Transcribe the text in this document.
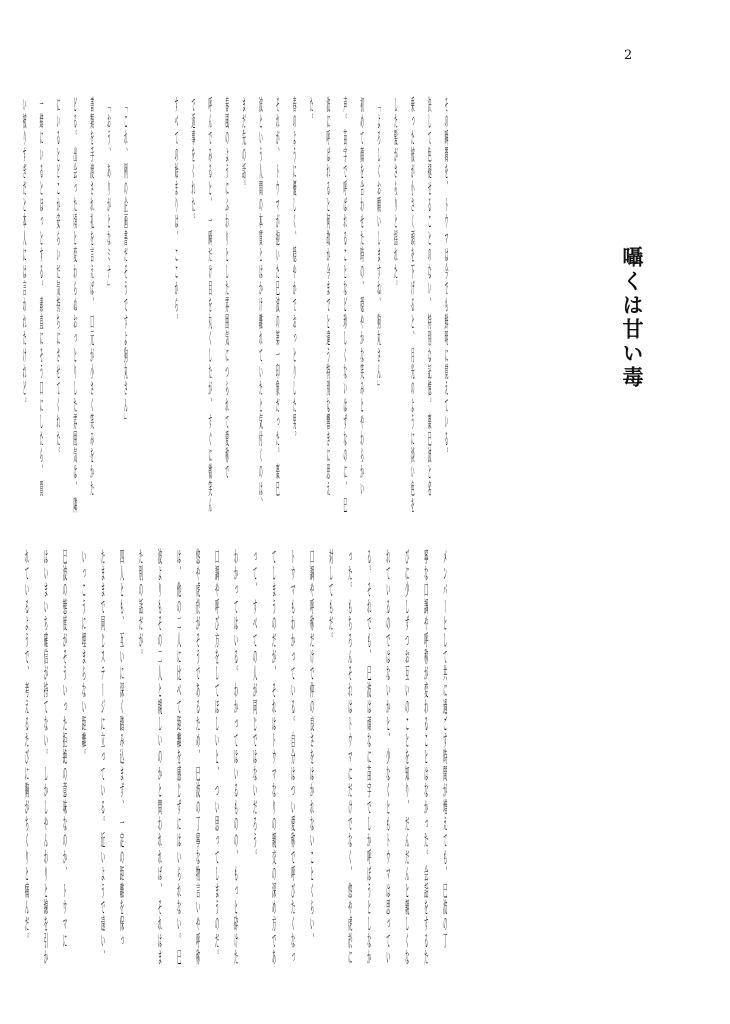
2
囁くは甘い毒

その瞬間を、トウマは今でも鮮明に覚えている。

決して色褪せることのない、特別な記憶。棗巳波と名

乗った彼が小さく頭を下げると、月光のように淡い色を

した髪がさらりと揺れた。

「よろしくお願いしますね、狗丸さん」

初めて顔を合わせた時の、穏やかな笑みとやわらかい

声。苗字で呼ばれることなど珍しくないはずなのに、巳

波に呼ばれると何故か今までと違う特別な響きに思え

た。

春のように優しく、穏やかでおっとりした男。

それが、トウマが抱いた巳波の第一印象だった。棗巳

波という人間の本質とはかけ離れていたと気付くのは、

まだ先の話。

春風のようにふわりとした雰囲気につられて愛称で

呼んでみると、一瞬だけ目を丸くしたが、すぐに微笑ん

で返事をくれた。

すべての始まりは、ここから。

「これ、例の企画書だそうですよ狗丸さん」

「おう、ありがとなミナ」

書類を手渡され礼を言えば、口元が小さく笑みをかた

どる。出会った頃と変わらぬおっとりした雰囲気は、隣

にいるとどこか安らいだ気持ちにさせてくれた。

一緒にいるとほっとする。素直にそう口にしたら、買

い被りすぎだと本人には言われたけれど。

メンバーとして共に過ごす時間が増えても、巳波の丁

寧な口調や呼称が変わることはなかった。会話をするた

びに少しずつお互いのことを知り、だんだんと親しくな

れているのではないかと、少なくともトウマは思ってい

る。それでも、巳波は頑なに苗字でしか呼ぼうとしなか

った。もちろんそれはトウマにだけでなく、悠や虎於に

対してもだ。

口調や呼称だけで仲の良さをはかれないことくらい、

トウマもわかっている。自分はつい愛称で呼びたくなっ

てしまうのだが、それはトウマなりの親交の深め方であ

って、すべての人が同じではないだろう。

わかってはいる。わかってはいるものの、もっと砕けた

口調や呼び方をしてほしいと、つい思ってしまうのだ。

悠や虎於がそうであるため、巳波の丁寧な物言いや呼称

は、他の二人に比べて距離を感じずにはいられない。巳

波よりもその二人と親しいのかと問われれば、それはま

た別の話だが。

四人とも、互いに深く踏み込まず、一定の距離を保っ

たままで同じステージに立っている。近いようで遠い、

いっこうに埋まらない距離。

巳波の態度がそういった拒絶の意味なのか、トウマに

はいまいち確信が持てない。しかしやんわりと線を引か

れているようで、考えるたびに胸がちくりと痛んだ。
